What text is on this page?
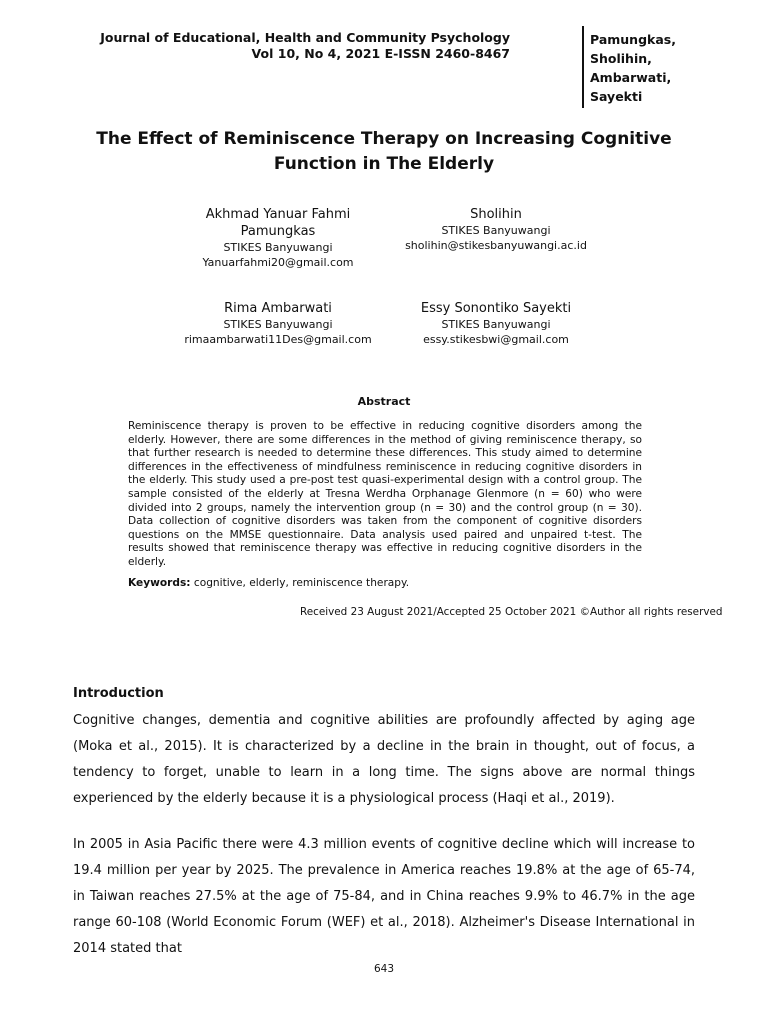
Journal of Educational, Health and Community Psychology
Vol 10, No 4, 2021 E-ISSN 2460-8467
Pamungkas,
Sholihin,
Ambarwati,
Sayekti
The Effect of Reminiscence Therapy on Increasing Cognitive
Function in The Elderly
Akhmad Yanuar Fahmi
Pamungkas
STIKES Banyuwangi
Yanuarfahmi20@gmail.com
Sholihin
STIKES Banyuwangi
sholihin@stikesbanyuwangi.ac.id
Rima Ambarwati
STIKES Banyuwangi
rimaambarwati11Des@gmail.com
Essy Sonontiko Sayekti
STIKES Banyuwangi
essy.stikesbwi@gmail.com
Abstract
Reminiscence therapy is proven to be effective in reducing cognitive disorders among the elderly. However, there are some differences in the method of giving reminiscence therapy, so that further research is needed to determine these differences. This study aimed to determine differences in the effectiveness of mindfulness reminiscence in reducing cognitive disorders in the elderly. This study used a pre-post test quasi-experimental design with a control group. The sample consisted of the elderly at Tresna Werdha Orphanage Glenmore (n = 60) who were divided into 2 groups, namely the intervention group (n = 30) and the control group (n = 30). Data collection of cognitive disorders was taken from the component of cognitive disorders questions on the MMSE questionnaire. Data analysis used paired and unpaired t-test. The results showed that reminiscence therapy was effective in reducing cognitive disorders in the elderly.
Keywords: cognitive, elderly, reminiscence therapy.
Received 23 August 2021/Accepted 25 October 2021 ©Author all rights reserved
Introduction
Cognitive changes, dementia and cognitive abilities are profoundly affected by aging age (Moka et al., 2015). It is characterized by a decline in the brain in thought, out of focus, a tendency to forget, unable to learn in a long time. The signs above are normal things experienced by the elderly because it is a physiological process (Haqi et al., 2019).
In 2005 in Asia Pacific there were 4.3 million events of cognitive decline which will increase to 19.4 million per year by 2025. The prevalence in America reaches 19.8% at the age of 65-74, in Taiwan reaches 27.5% at the age of 75-84, and in China reaches 9.9% to 46.7% in the age range 60-108 (World Economic Forum (WEF) et al., 2018). Alzheimer's Disease International in 2014 stated that
643
